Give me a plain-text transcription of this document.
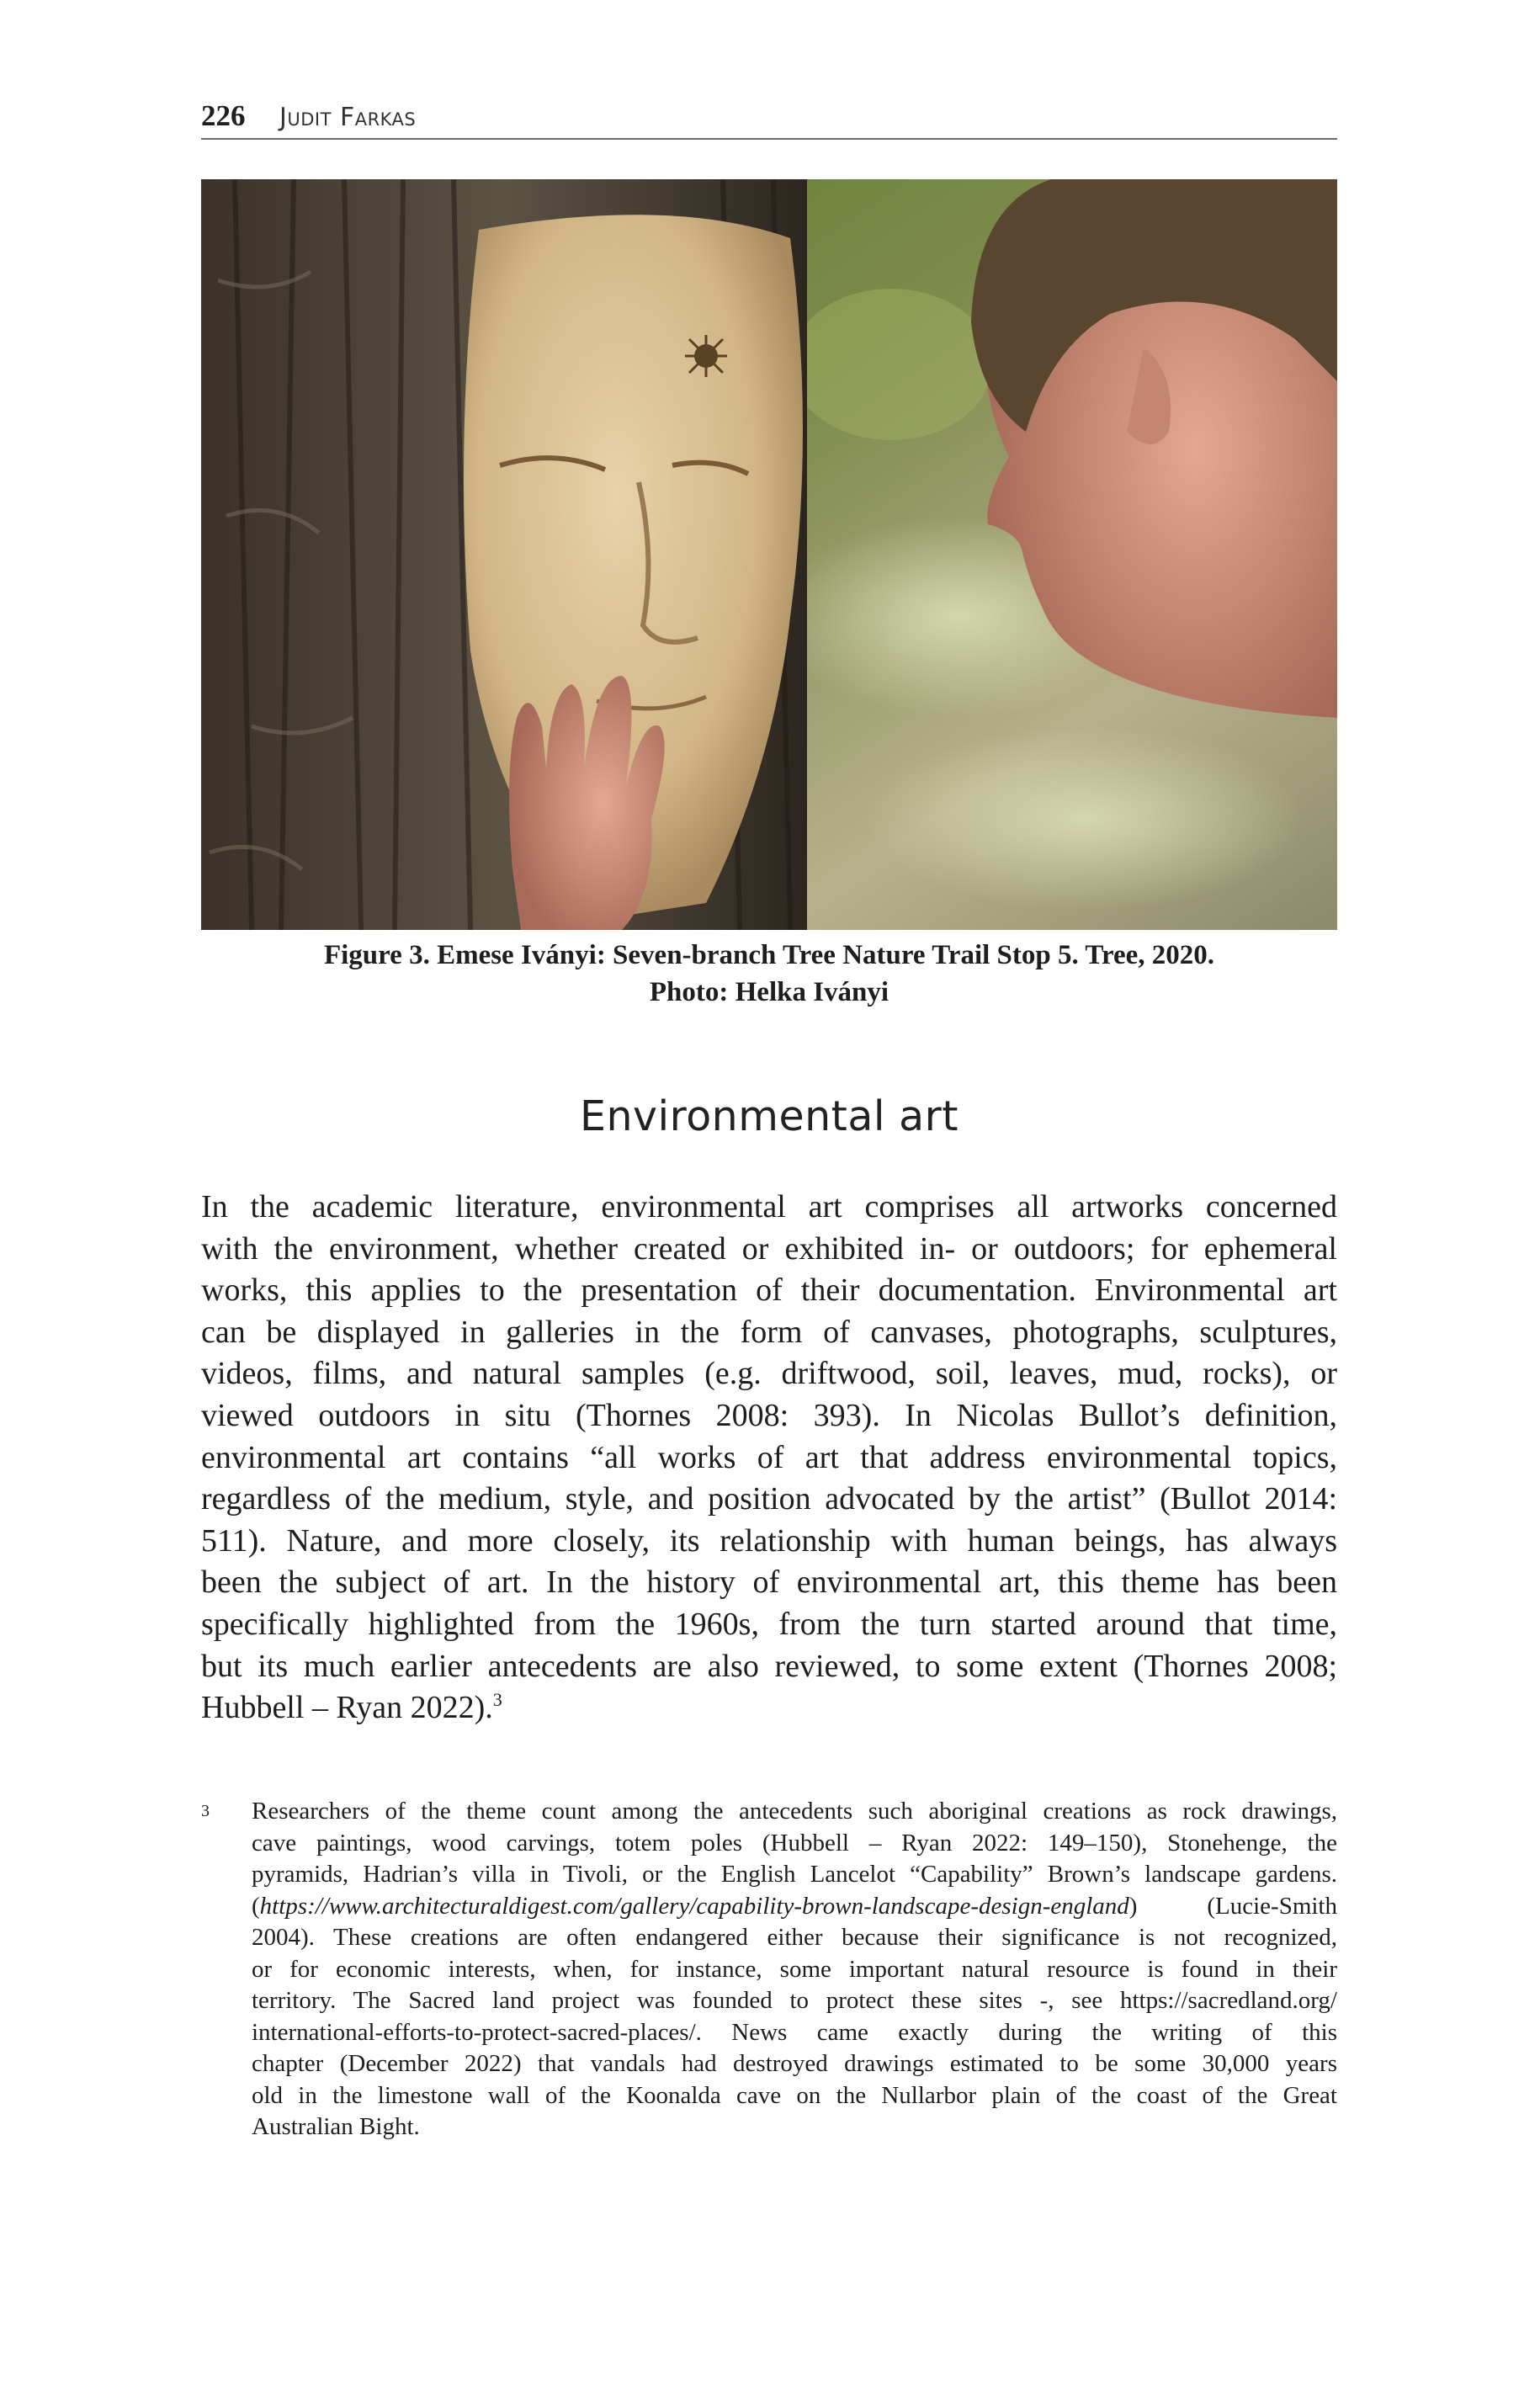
226 Judit Farkas
Figure 3. Emese Iványi: Seven-branch Tree Nature Trail Stop 5. Tree, 2020.
Photo: Helka Iványi
Environmental art
In the academic literature, environmental art comprises all artworks concerned
with the environment, whether created or exhibited in- or outdoors; for ephemeral
works, this applies to the presentation of their documentation. Environmental art
can be displayed in galleries in the form of canvases, photographs, sculptures,
videos, films, and natural samples (e.g. driftwood, soil, leaves, mud, rocks), or
viewed outdoors in situ (Thornes 2008: 393). In Nicolas Bullot’s definition,
environmental art contains “all works of art that address environmental topics,
regardless of the medium, style, and position advocated by the artist” (Bullot 2014:
511). Nature, and more closely, its relationship with human beings, has always
been the subject of art. In the history of environmental art, this theme has been
specifically highlighted from the 1960s, from the turn started around that time,
but its much earlier antecedents are also reviewed, to some extent (Thornes 2008;
Hubbell – Ryan 2022).$^3$
3 Researchers of the theme count among the antecedents such aboriginal creations as rock drawings,
cave paintings, wood carvings, totem poles (Hubbell – Ryan 2022: 149–150), Stonehenge, the
pyramids, Hadrian’s villa in Tivoli, or the English Lancelot “Capability” Brown’s landscape gardens.
(https://www.architecturaldigest.com/gallery/capability-brown-landscape-design-england) (Lucie-Smith
2004). These creations are often endangered either because their significance is not recognized,
or for economic interests, when, for instance, some important natural resource is found in their
territory. The Sacred land project was founded to protect these sites -, see https://sacredland.org/
international-efforts-to-protect-sacred-places/. News came exactly during the writing of this
chapter (December 2022) that vandals had destroyed drawings estimated to be some 30,000 years
old in the limestone wall of the Koonalda cave on the Nullarbor plain of the coast of the Great
Australian Bight.
